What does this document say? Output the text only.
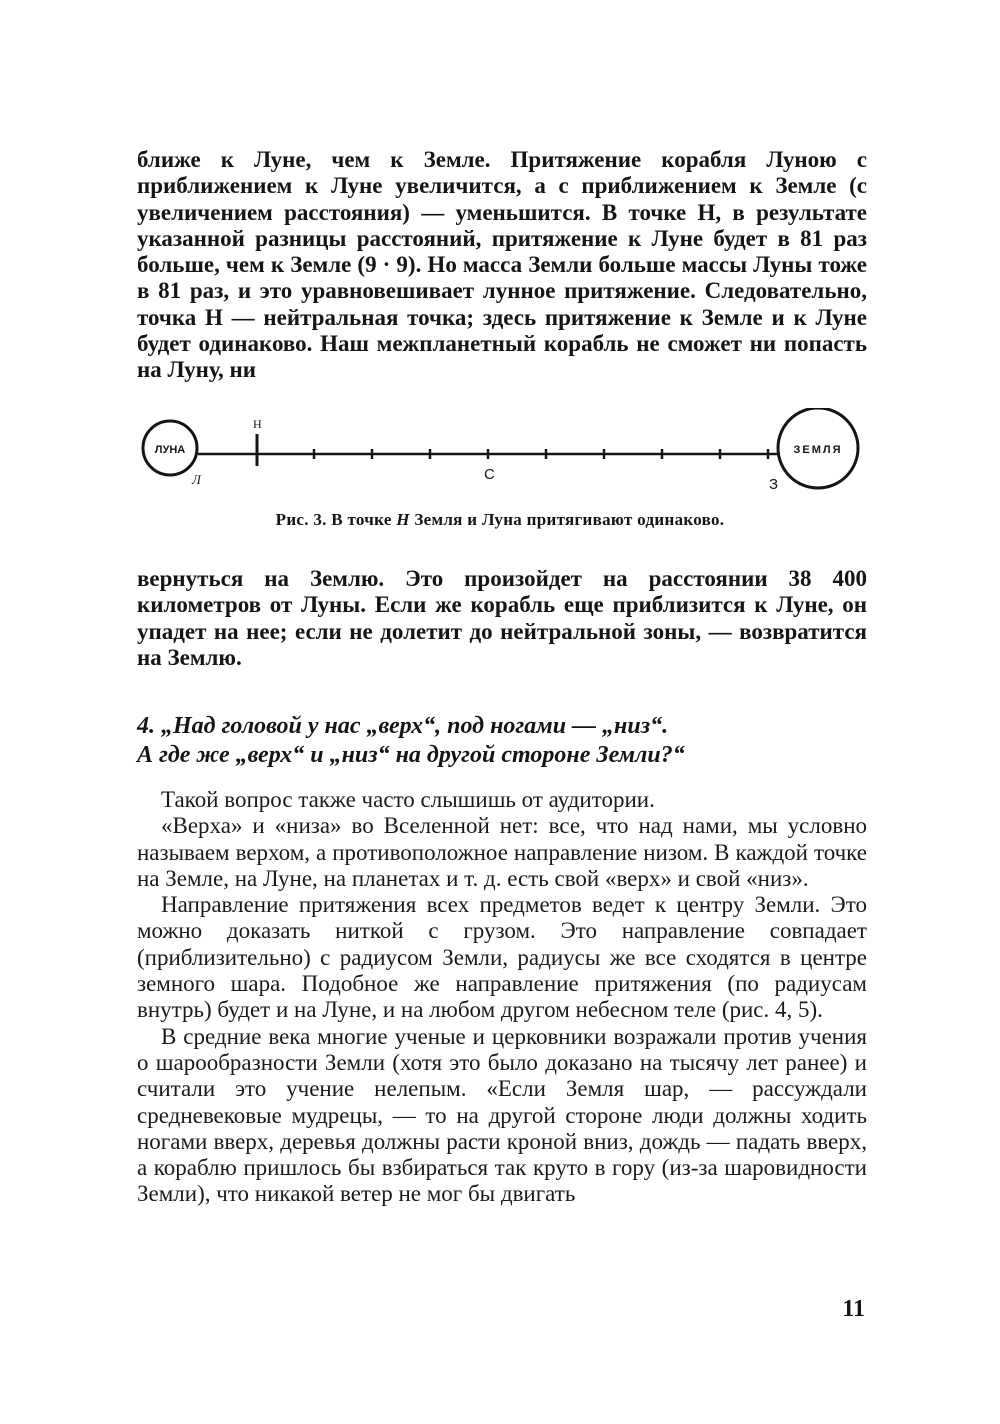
ближе к Луне, чем к Земле. Притяжение корабля Луною с приближением к Луне увеличится, а с приближением к Земле (с увеличением расстояния) — уменьшится. В точке Н, в результате указанной разницы расстояний, притяжение к Луне будет в 81 раз больше, чем к Земле (9 · 9). Но масса Земли больше массы Луны тоже в 81 раз, и это уравновешивает лунное притяжение. Следовательно, точка Н — нейтральная точка; здесь притяжение к Земле и к Луне будет одинаково. Наш межпланетный корабль не сможет ни попасть на Луну, ни

ЛУНА	ЗЕМЛЯ
Л
Н
С
З
Рис. 3. В точке Н Земля и Луна притягивают одинаково.

вернуться на Землю. Это произойдет на расстоянии 38 400 километров от Луны. Если же корабль еще приблизится к Луне, он упадет на нее; если не долетит до нейтральной зоны, — возвратится на Землю.

4. „Над головой у нас „верх“, под ногами — „низ“.
А где же „верх“ и „низ“ на другой стороне Земли?“

Такой вопрос также часто слышишь от аудитории.

«Верха» и «низа» во Вселенной нет: все, что над нами, мы условно называем верхом, а противоположное направление низом. В каждой точке на Земле, на Луне, на планетах и т. д. есть свой «верх» и свой «низ».

Направление притяжения всех предметов ведет к центру Земли. Это можно доказать ниткой с грузом. Это направление совпадает (приблизительно) с радиусом Земли, радиусы же все сходятся в центре земного шара. Подобное же направление притяжения (по радиусам внутрь) будет и на Луне, и на любом другом небесном теле (рис. 4, 5).

В средние века многие ученые и церковники возражали против учения о шарообразности Земли (хотя это было доказано на тысячу лет ранее) и считали это учение нелепым. «Если Земля шар, — рассуждали средневековые мудрецы, — то на другой стороне люди должны ходить ногами вверх, деревья должны расти кроной вниз, дождь — падать вверх, а кораблю пришлось бы взбираться так круто в гору (из-за шаровидности Земли), что никакой ветер не мог бы двигать

11
